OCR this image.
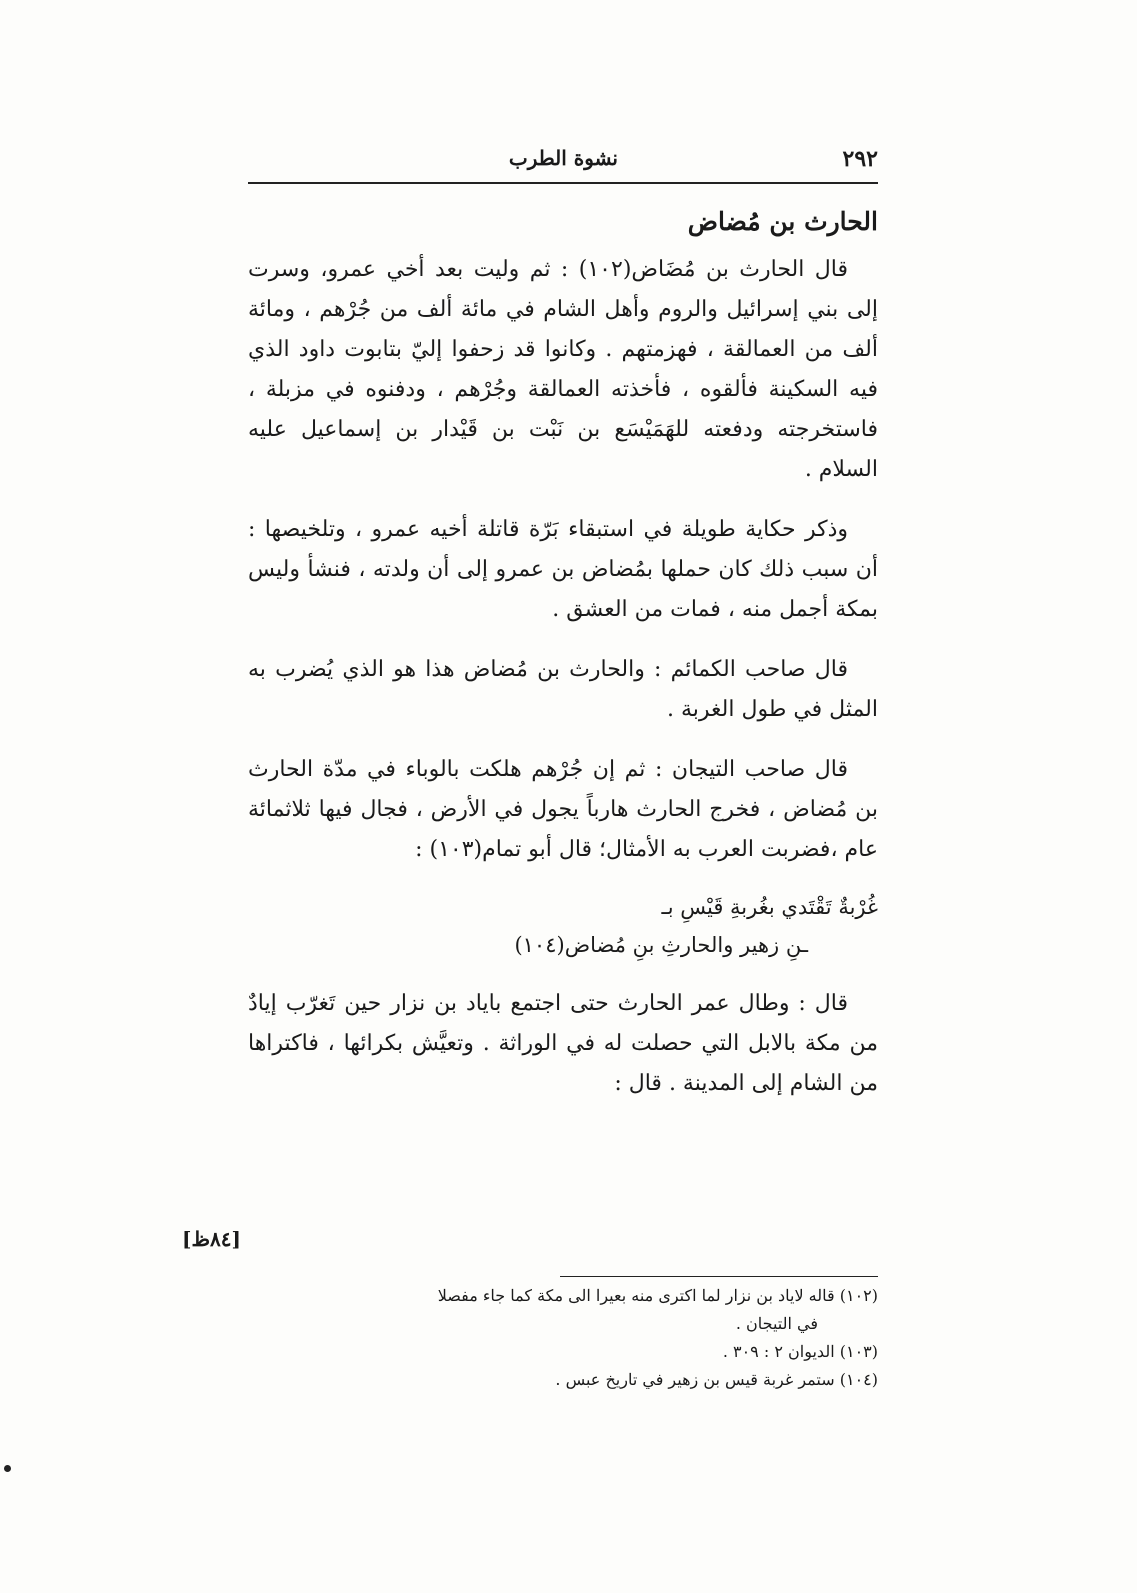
٢٩٢
نشوة الطرب
الحارث بن مُضاض

قال الحارث بن مُضَاض(١٠٢) : ثم وليت بعد أخي عمرو، وسرت إلى بني إسرائيل والروم وأهل الشام في مائة ألف من جُرْهم ، ومائة ألف من العمالقة ، فهزمتهم . وكانوا قد زحفوا إليّ بتابوت داود الذي فيه السكينة فألقوه ، فأخذته العمالقة وجُرْهم ، ودفنوه في مزبلة ، فاستخرجته ودفعته للهَمَيْسَع بن نَبْت بن قَيْدار بن إسماعيل عليه السلام .

وذكر حكاية طويلة في استبقاء بَرّة قاتلة أخيه عمرو ، وتلخيصها : أن سبب ذلك كان حملها بمُضاض بن عمرو إلى أن ولدته ، فنشأ وليس بمكة أجمل منه ، فمات من العشق .

قال صاحب الكمائم : والحارث بن مُضاض هذا هو الذي يُضرب به المثل في طول الغربة .

قال صاحب التيجان : ثم إن جُرْهم هلكت بالوباء في مدّة الحارث بن مُضاض ، فخرج الحارث هارباً يجول في الأرض ، فجال فيها ثلاثمائة عام ،فضربت العرب به الأمثال؛ قال أبو تمام(١٠٣) :

غُرْبةٌ تَقْتَدي بغُربةِ قَيْسِ بـ
ـنِ زهير والحارثِ بنِ مُضاض(١٠٤)

قال : وطال عمر الحارث حتى اجتمع باياد بن نزار حين تَغرّب إيادٌ من مكة بالابل التي حصلت له في الوراثة . وتعيَّش بكرائها ، فاكتراها من الشام إلى المدينة . قال :

[٨٤ظ]
(١٠٢) قاله لاياد بن نزار لما اكترى منه بعيرا الى مكة كما جاء مفصلا
في التيجان .
(١٠٣) الديوان ٢ : ٣٠٩ .
(١٠٤) ستمر غربة قيس بن زهير في تاريخ عبس .
